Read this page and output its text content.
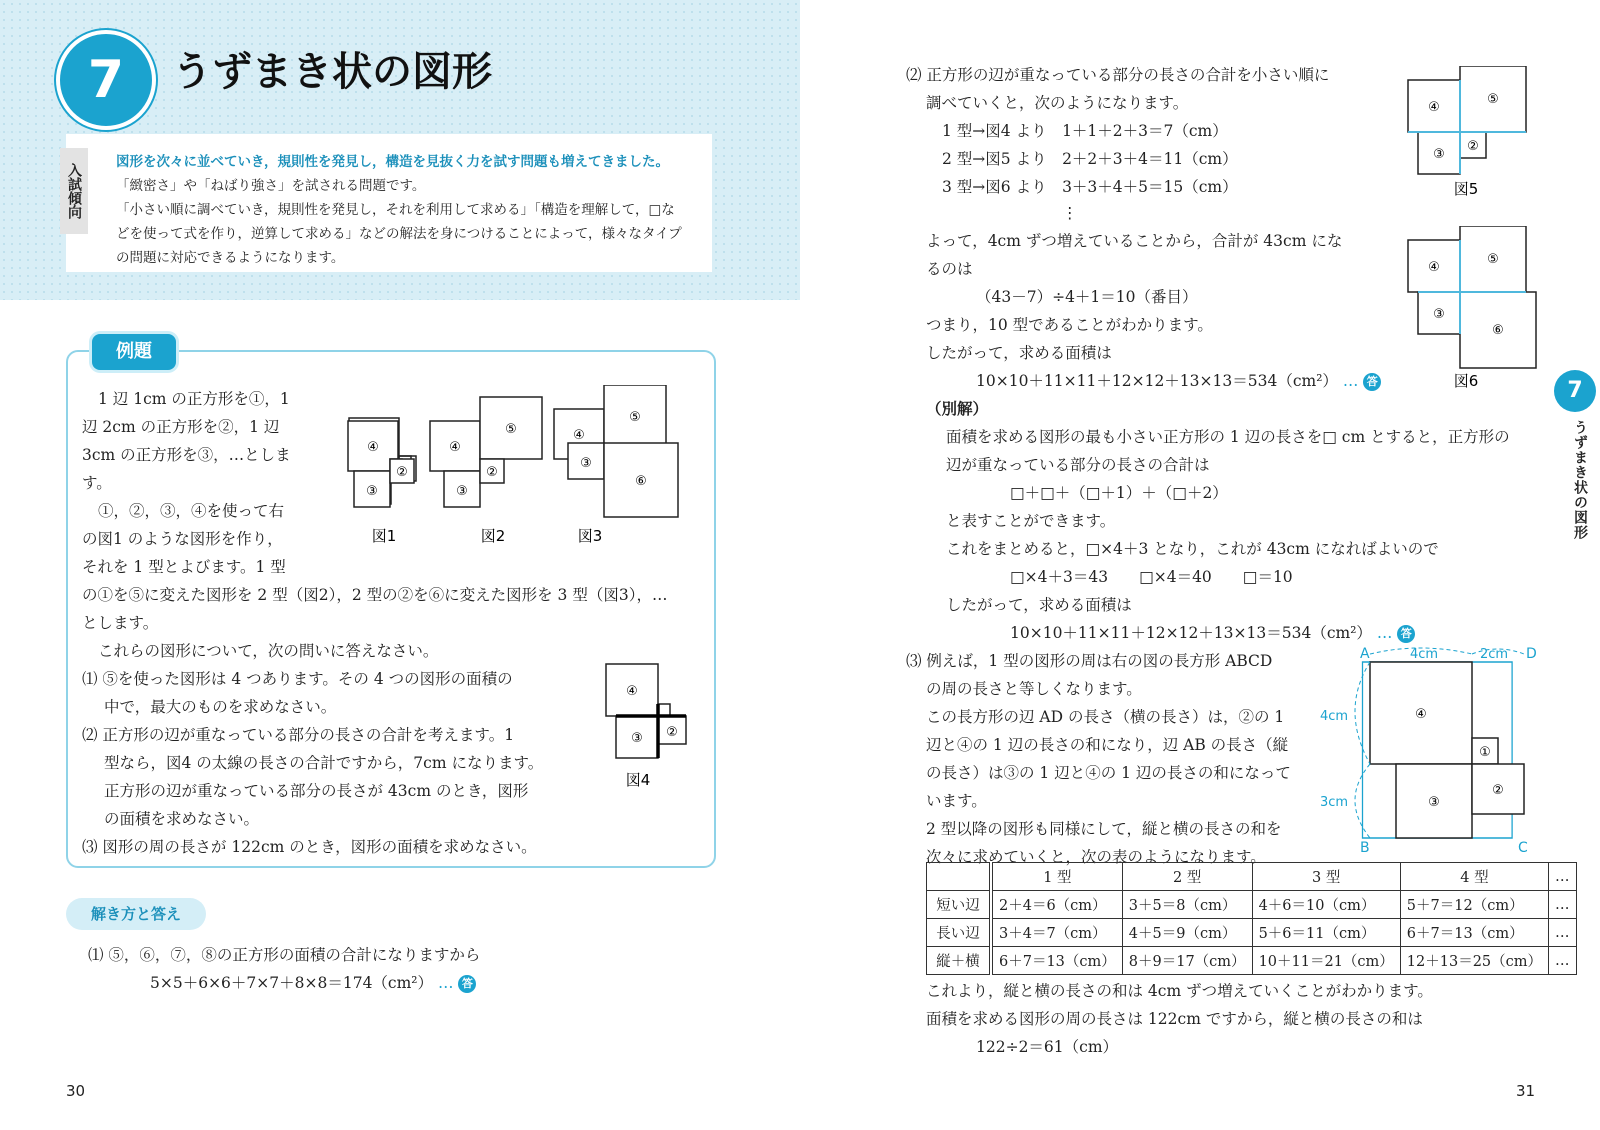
7	うずまき状の図形
入試傾向
図形を次々に並べていき，規則性を発見し，構造を見抜く力を試す問題も増えてきました。
「緻密さ」や「ねばり強さ」を試される問題です。
「小さい順に調べていき，規則性を発見し，それを利用して求める」「構造を理解して，□な
どを使って式を作り，逆算して求める」などの解法を身につけることによって，様々なタイプ
の問題に対応できるようになります。
例題
1 辺 1cm の正方形を①，1
辺 2cm の正方形を②，1 辺
3cm の正方形を③，…としま
す。
①，②，③，④を使って右
の図1 のような図形を作り，
それを 1 型とよびます。1 型
の①を⑤に変えた図形を 2 型（図2），2 型の②を⑥に変えた図形を 3 型（図3），…
とします。
これらの図形について，次の問いに答えなさい。
⑴ ⑤を使った図形は 4 つあります。その 4 つの図形の面積の
中で，最大のものを求めなさい。
⑵ 正方形の辺が重なっている部分の長さの合計を考えます。1
型なら，図4 の太線の長さの合計ですから，7cm になります。
正方形の辺が重なっている部分の長さが 43cm のとき，図形
の面積を求めなさい。
⑶ 図形の周の長さが 122cm のとき，図形の面積を求めなさい。
④
③
②
④
⑤
③
②
④
⑤
③
⑥
図1	図2	図3
④
③ ②
図4
解き方と答え
⑴ ⑤，⑥，⑦，⑧の正方形の面積の合計になりますから
5×5＋6×6＋7×7＋8×8＝174（cm²） … 答
30
⑵ 正方形の辺が重なっている部分の長さの合計を小さい順に
調べていくと，次のようになります。
1 型→図4 より　1＋1＋2＋3＝7（cm）
2 型→図5 より　2＋2＋3＋4＝11（cm）
3 型→図6 より　3＋3＋4＋5＝15（cm）
⋮
よって，4cm ずつ増えていることから，合計が 43cm にな
るのは
（43－7）÷4＋1＝10（番目）
つまり，10 型であることがわかります。
したがって，求める面積は
10×10＋11×11＋12×12＋13×13＝534（cm²） … 答
（別解）
面積を求める図形の最も小さい正方形の 1 辺の長さを□ cm とすると，正方形の
辺が重なっている部分の長さの合計は
□＋□＋（□＋1）＋（□＋2）
と表すことができます。
これをまとめると，□×4＋3 となり，これが 43cm になればよいので
□×4＋3＝43　　□×4＝40　　□＝10
したがって，求める面積は
10×10＋11×11＋12×12＋13×13＝534（cm²） … 答
⑶ 例えば，1 型の図形の周は右の図の長方形 ABCD
の周の長さと等しくなります。
この長方形の辺 AD の長さ（横の長さ）は，②の 1
辺と④の 1 辺の長さの和になり，辺 AB の長さ（縦
の長さ）は③の 1 辺と④の 1 辺の長さの和になって
います。
2 型以降の図形も同様にして，縦と横の長さの和を
次々に求めていくと，次の表のようになります。
④
⑤
③
②
図5
④
⑤
③
⑥
図6
A	D
B	C
4cm	2cm
4cm
3cm
④
①
③
②
	1 型	2 型	3 型	4 型	…
短い辺	2＋4＝6（cm）	3＋5＝8（cm）	4＋6＝10（cm）	5＋7＝12（cm）	…
長い辺	3＋4＝7（cm）	4＋5＝9（cm）	5＋6＝11（cm）	6＋7＝13（cm）	…
縦＋横	6＋7＝13（cm）	8＋9＝17（cm）	10＋11＝21（cm）	12＋13＝25（cm）	…
これより，縦と横の長さの和は 4cm ずつ増えていくことがわかります。
面積を求める図形の周の長さは 122cm ですから，縦と横の長さの和は
122÷2＝61（cm）
7
うずまき状の図形
31
